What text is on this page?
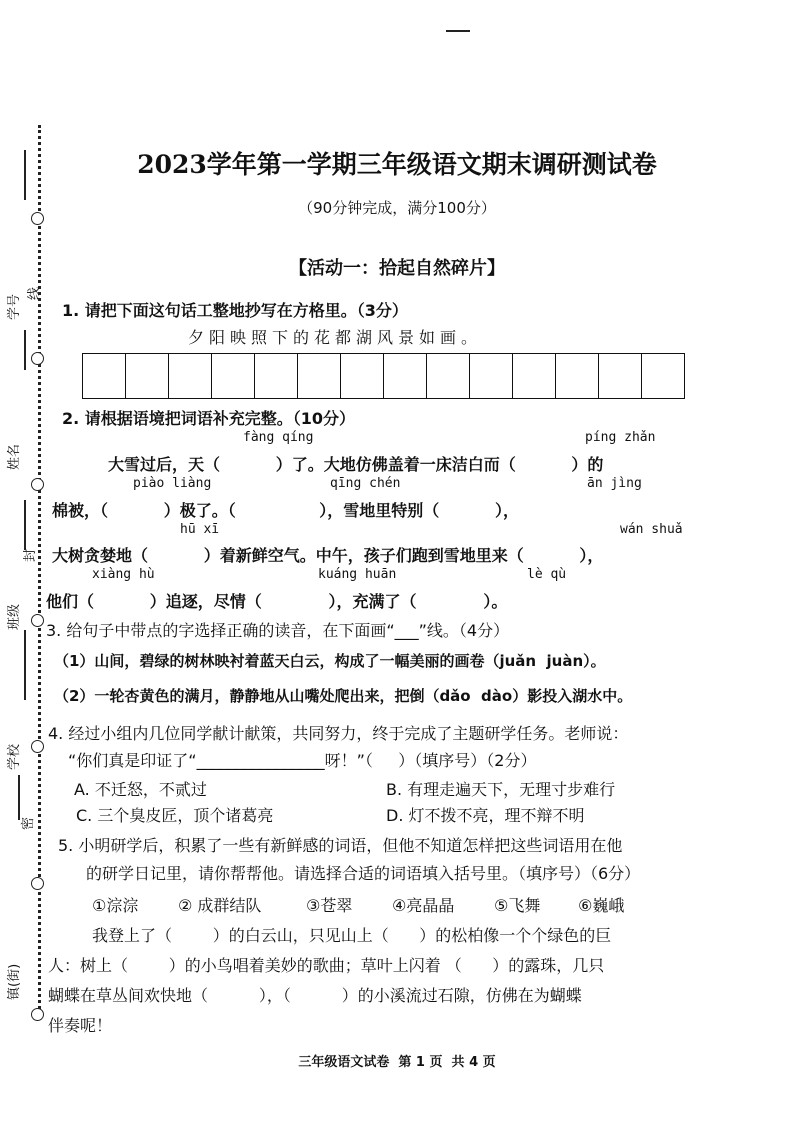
学号
线
姓名
封
班级
学校
密
镇(街)
2023学年第一学期三年级语文期末调研测试卷
（90分钟完成，满分100分）
【活动一：拾起自然碎片】
1. 请把下面这句话工整地抄写在方格里。（3分）
夕阳映照下的花都湖风景如画。
2. 请根据语境把词语补充完整。（10分）
fàng qíng	píng zhǎn
大雪过后，天（          ）了。大地仿佛盖着一床洁白而（          ）的
piào liàng	qīng chén	ān jìng
棉被，（          ）极了。（               ），雪地里特别（          ），
hū xī	wán shuǎ
大树贪婪地（          ）着新鲜空气。中午，孩子们跑到雪地里来（          ），
xiàng hù	kuáng huān	lè qù
他们（          ）追逐，尽情（            ），充满了（            ）。
3. 给句子中带点的字选择正确的读音，在下面画“___”线。（4分）
（1）山间，碧绿的树林映衬着蓝天白云，构成了一幅美丽的画卷（juǎn  juàn）。
（2）一轮杏黄色的满月，静静地从山嘴处爬出来，把倒（dǎo  dào）影投入湖水中。
4. 经过小组内几位同学献计献策，共同努力，终于完成了主题研学任务。老师说：
“你们真是印证了“________________呀！”（     ）（填序号）（2分）
A. 不迁怒，不贰过	B. 有理走遍天下，无理寸步难行
C. 三个臭皮匠，顶个诸葛亮	D. 灯不拨不亮，理不辩不明
5. 小明研学后，积累了一些有新鲜感的词语，但他不知道怎样把这些词语用在他
的研学日记里，请你帮帮他。请选择合适的词语填入括号里。（填序号）（6分）
①淙淙 ② 成群结队	③苍翠 ④亮晶晶 ⑤飞舞 ⑥巍峨
我登上了（        ）的白云山，只见山上（      ）的松柏像一个个绿色的巨
人：树上（        ）的小鸟唱着美妙的歌曲；草叶上闪着 （      ）的露珠，几只
蝴蝶在草丛间欢快地（          ），（          ）的小溪流过石隙，仿佛在为蝴蝶
伴奏呢！
三年级语文试卷  第 1 页  共 4 页
